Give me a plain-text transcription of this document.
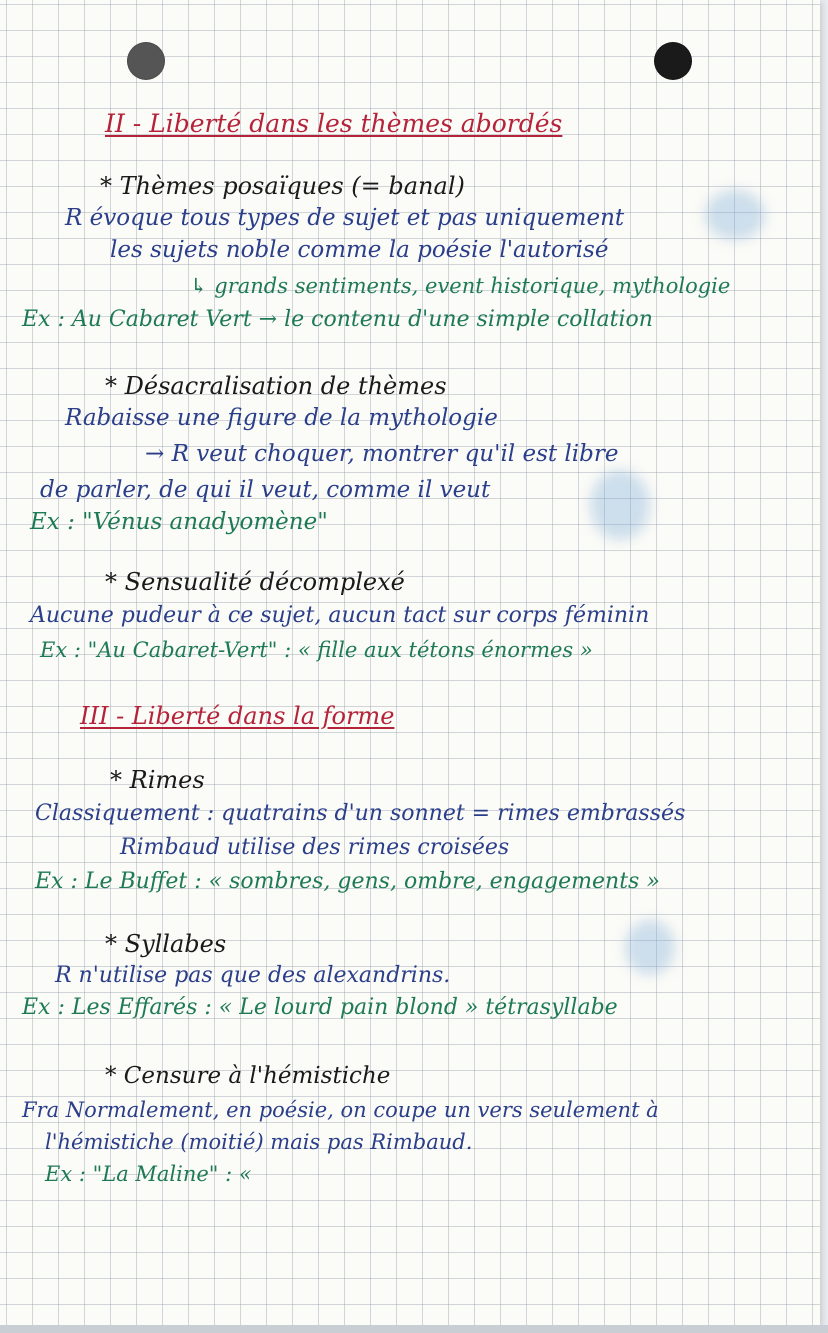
II - Liberté dans les thèmes abordés
* Thèmes posaïques (= banal)
R évoque tous types de sujet et pas uniquement
les sujets noble comme la poésie l'autorisé
↳ grands sentiments, event historique, mythologie
Ex : Au Cabaret Vert → le contenu d'une simple collation
* Désacralisation de thèmes
Rabaisse une figure de la mythologie
→ R veut choquer, montrer qu'il est libre
de parler, de qui il veut, comme il veut
Ex : "Vénus anadyomène"
* Sensualité décomplexé
Aucune pudeur à ce sujet, aucun tact sur corps féminin
Ex : "Au Cabaret-Vert" : « fille aux tétons énormes »
III - Liberté dans la forme
* Rimes
Classiquement : quatrains d'un sonnet = rimes embrassés
Rimbaud utilise des rimes croisées
Ex : Le Buffet : « sombres, gens, ombre, engagements »
* Syllabes
R n'utilise pas que des alexandrins.
Ex : Les Effarés : « Le lourd pain blond » tétrasyllabe
* Censure à l'hémistiche
Fra Normalement, en poésie, on coupe un vers seulement à
l'hémistiche (moitié) mais pas Rimbaud.
Ex : "La Maline" : «
